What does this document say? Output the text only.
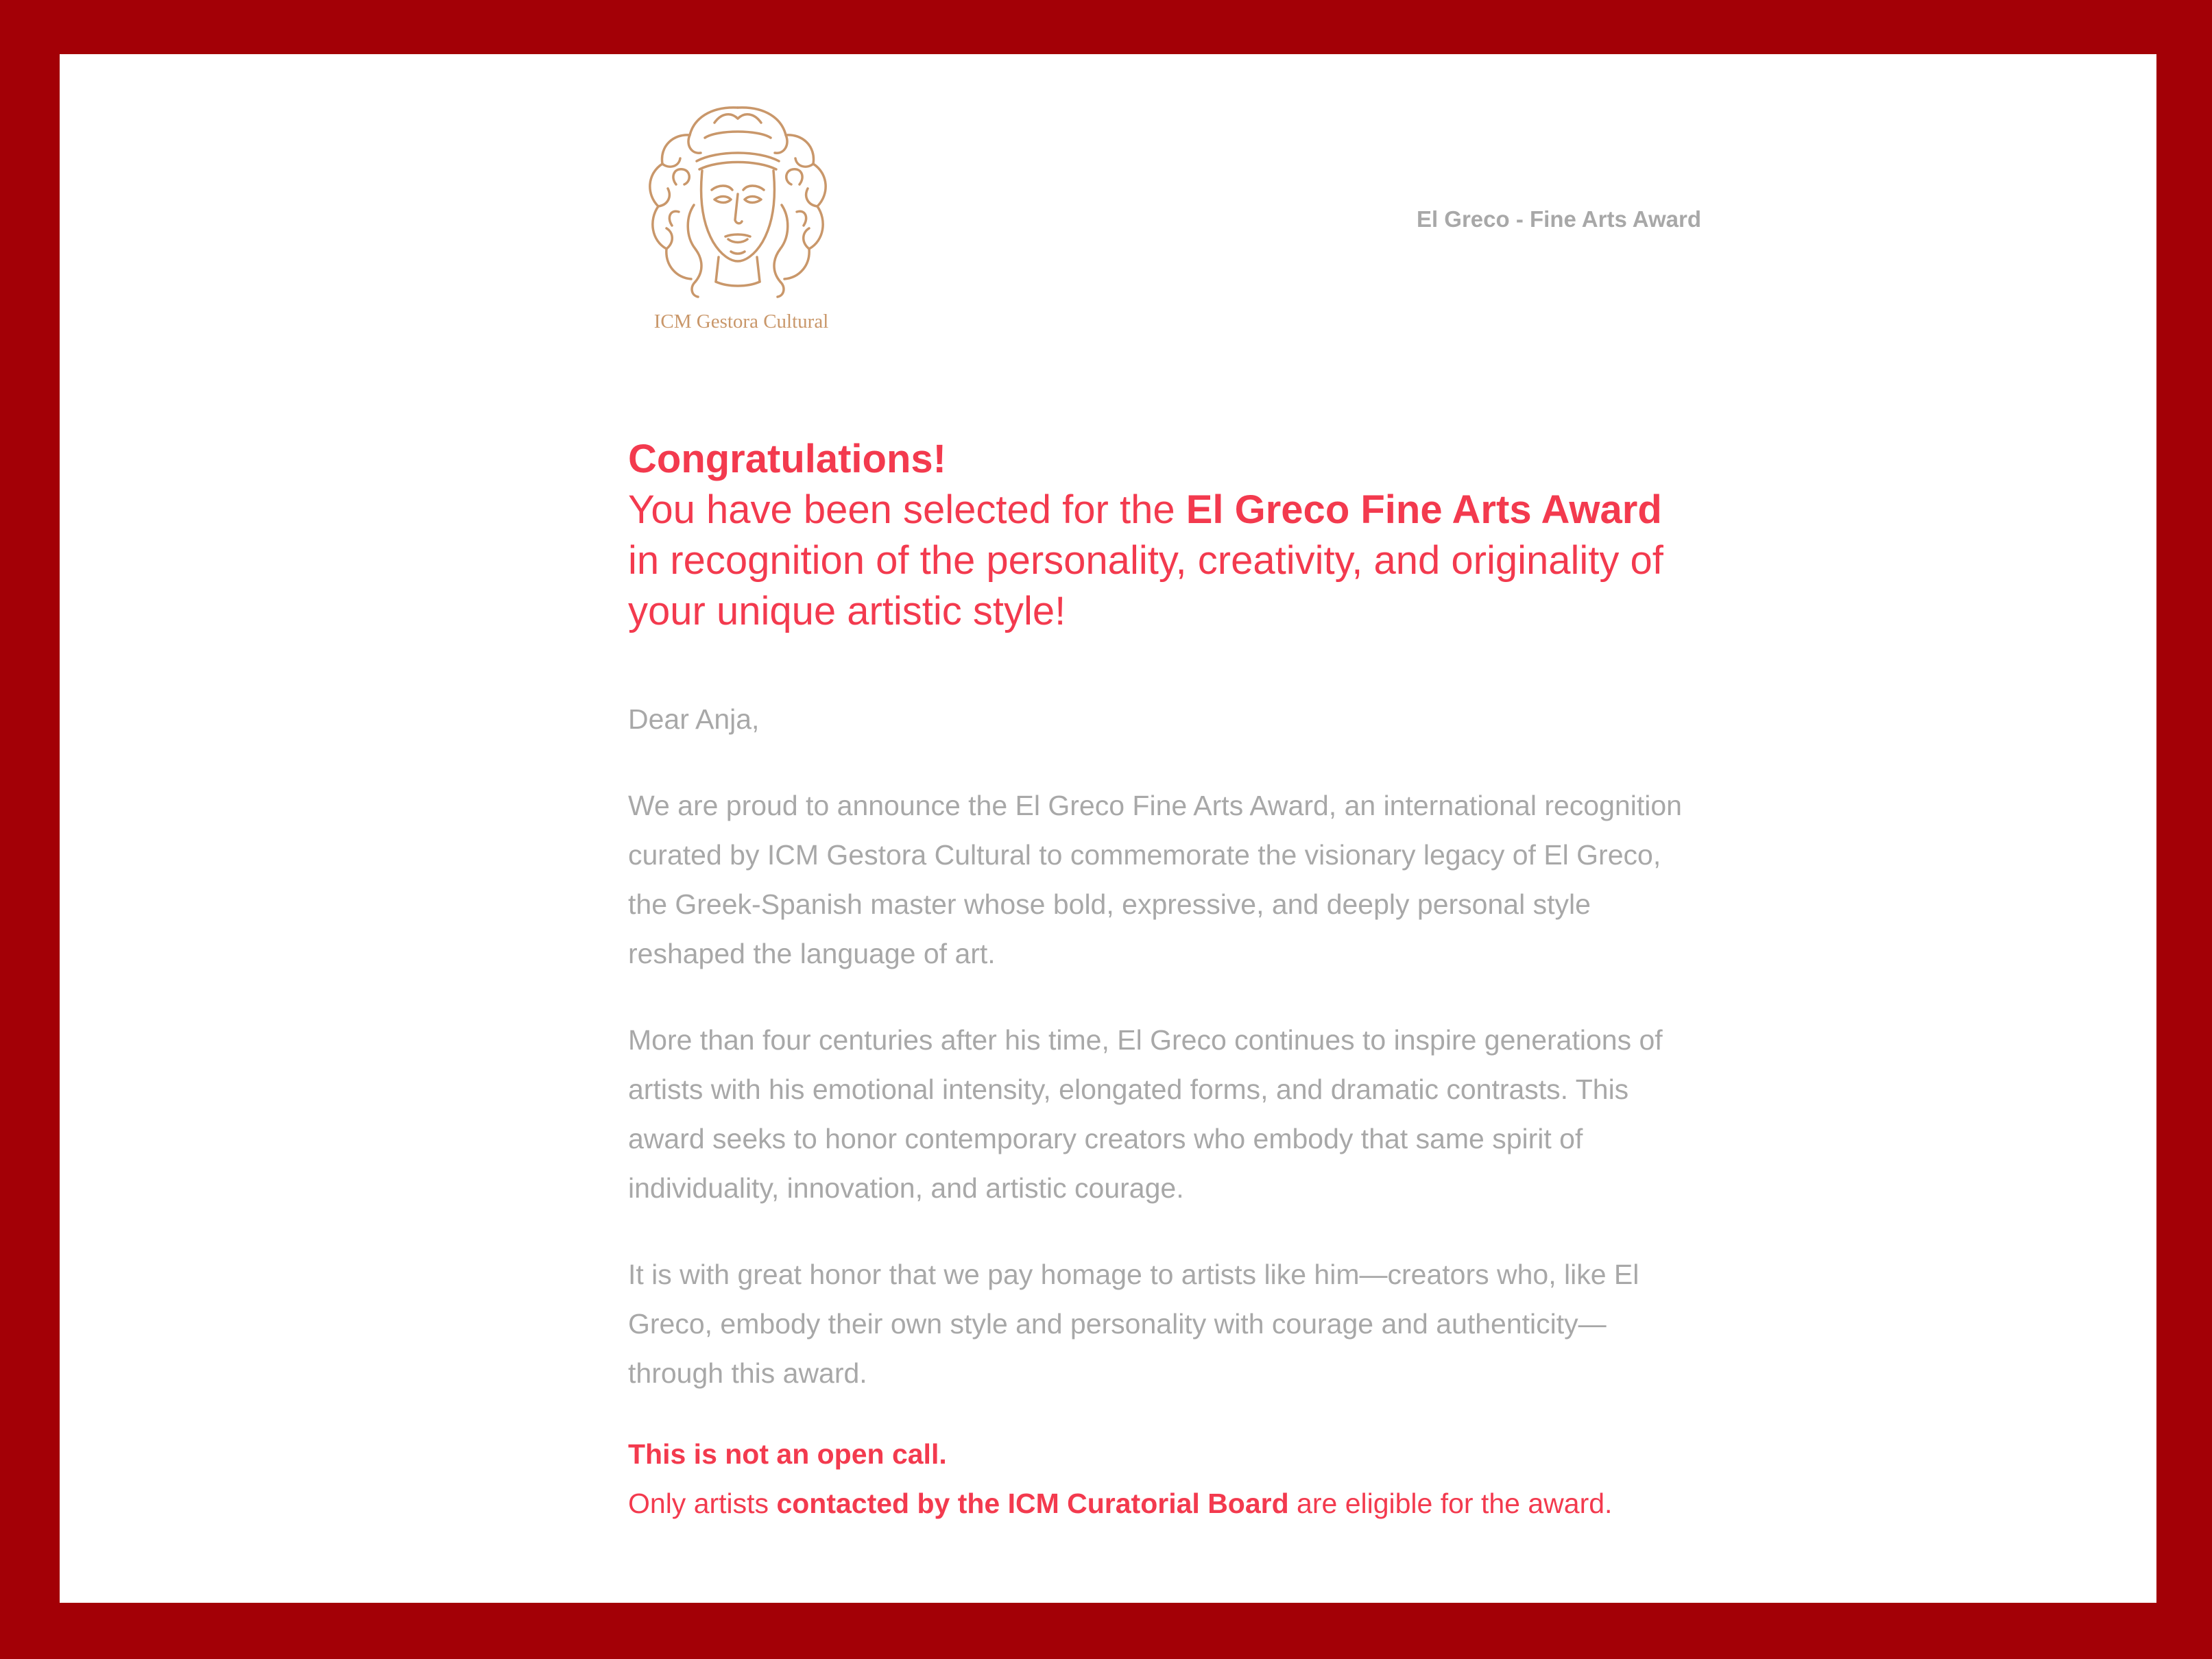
ICM Gestora Cultural
El Greco - Fine Arts Award
Congratulations!
You have been selected for the El Greco Fine Arts Award in recognition of the personality, creativity, and originality of your unique artistic style!
Dear Anja,
We are proud to announce the El Greco Fine Arts Award, an international recognition curated by ICM Gestora Cultural to commemorate the visionary legacy of El Greco, the Greek-Spanish master whose bold, expressive, and deeply personal style reshaped the language of art.
More than four centuries after his time, El Greco continues to inspire generations of artists with his emotional intensity, elongated forms, and dramatic contrasts. This award seeks to honor contemporary creators who embody that same spirit of individuality, innovation, and artistic courage.
It is with great honor that we pay homage to artists like him—creators who, like El Greco, embody their own style and personality with courage and authenticity—through this award.
This is not an open call.
Only artists contacted by the ICM Curatorial Board are eligible for the award.
